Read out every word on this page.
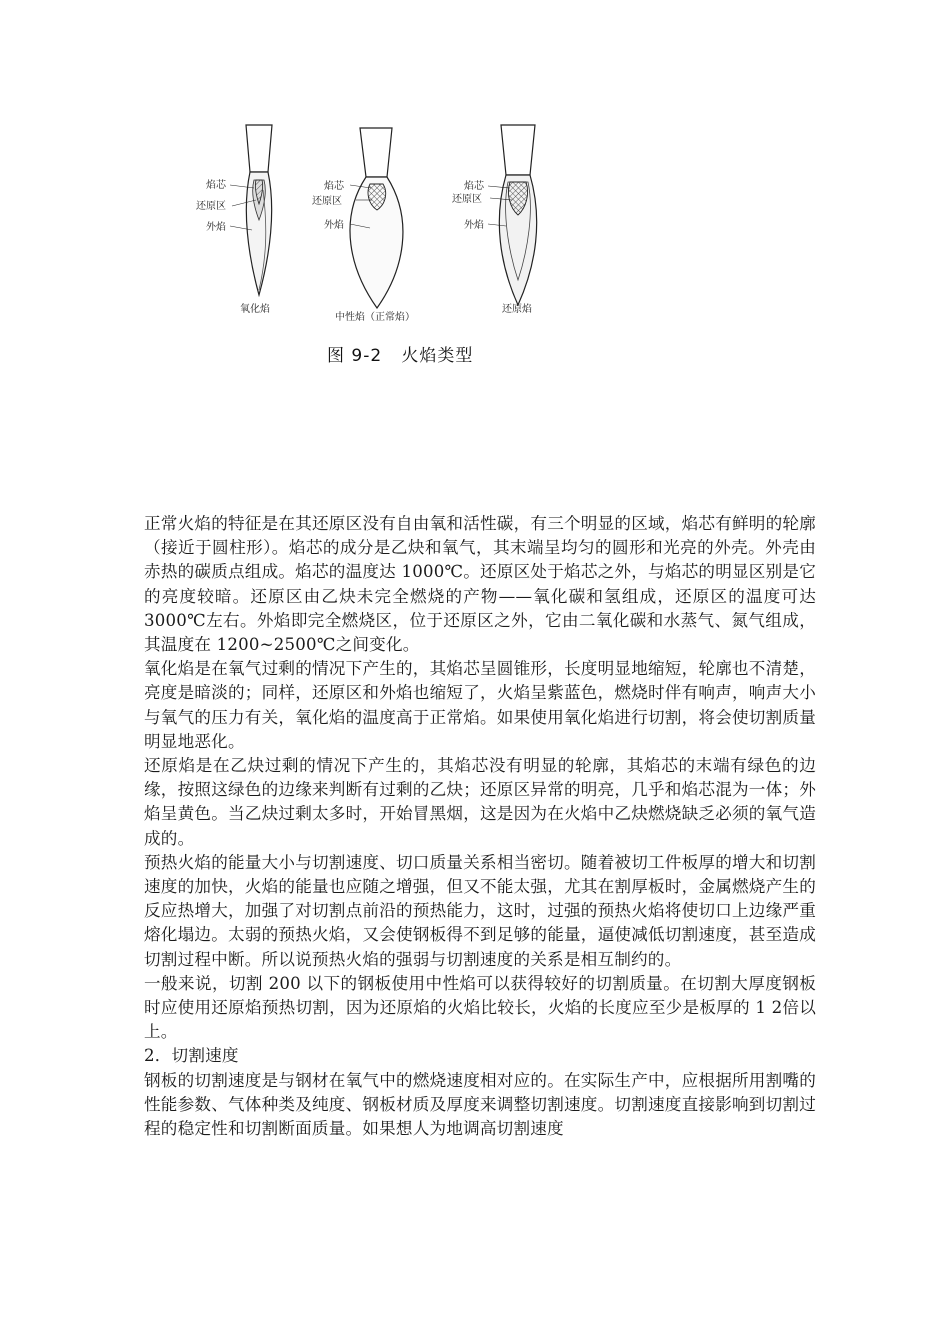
焰芯
还原区
外焰
氧化焰
焰芯
还原区
外焰
中性焰（正常焰）
焰芯
还原区
外焰
还原焰
图 9-2   火焰类型

正常火焰的特征是在其还原区没有自由氧和活性碳，有三个明显的区域，焰芯有鲜明的轮廓（接近于圆柱形）。焰芯的成分是乙炔和氧气，其末端呈均匀的圆形和光亮的外壳。外壳由赤热的碳质点组成。焰芯的温度达 1000℃。还原区处于焰芯之外，与焰芯的明显区别是它的亮度较暗。还原区由乙炔未完全燃烧的产物——氧化碳和氢组成，还原区的温度可达 3000℃左右。外焰即完全燃烧区，位于还原区之外，它由二氧化碳和水蒸气、氮气组成，其温度在 1200~2500℃之间变化。

氧化焰是在氧气过剩的情况下产生的，其焰芯呈圆锥形，长度明显地缩短，轮廓也不清楚，亮度是暗淡的；同样，还原区和外焰也缩短了，火焰呈紫蓝色，燃烧时伴有响声，响声大小与氧气的压力有关，氧化焰的温度高于正常焰。如果使用氧化焰进行切割，将会使切割质量明显地恶化。

还原焰是在乙炔过剩的情况下产生的，其焰芯没有明显的轮廓，其焰芯的末端有绿色的边缘，按照这绿色的边缘来判断有过剩的乙炔；还原区异常的明亮，几乎和焰芯混为一体；外焰呈黄色。当乙炔过剩太多时，开始冒黑烟，这是因为在火焰中乙炔燃烧缺乏必须的氧气造成的。

预热火焰的能量大小与切割速度、切口质量关系相当密切。随着被切工件板厚的增大和切割速度的加快，火焰的能量也应随之增强，但又不能太强，尤其在割厚板时，金属燃烧产生的反应热增大，加强了对切割点前沿的预热能力，这时，过强的预热火焰将使切口上边缘严重熔化塌边。太弱的预热火焰，又会使钢板得不到足够的能量，逼使减低切割速度，甚至造成切割过程中断。所以说预热火焰的强弱与切割速度的关系是相互制约的。

一般来说，切割 200 以下的钢板使用中性焰可以获得较好的切割质量。在切割大厚度钢板时应使用还原焰预热切割，因为还原焰的火焰比较长，火焰的长度应至少是板厚的 1 2倍以上。

2．切割速度

钢板的切割速度是与钢材在氧气中的燃烧速度相对应的。在实际生产中，应根据所用割嘴的性能参数、气体种类及纯度、钢板材质及厚度来调整切割速度。切割速度直接影响到切割过程的稳定性和切割断面质量。如果想人为地调高切割速度
